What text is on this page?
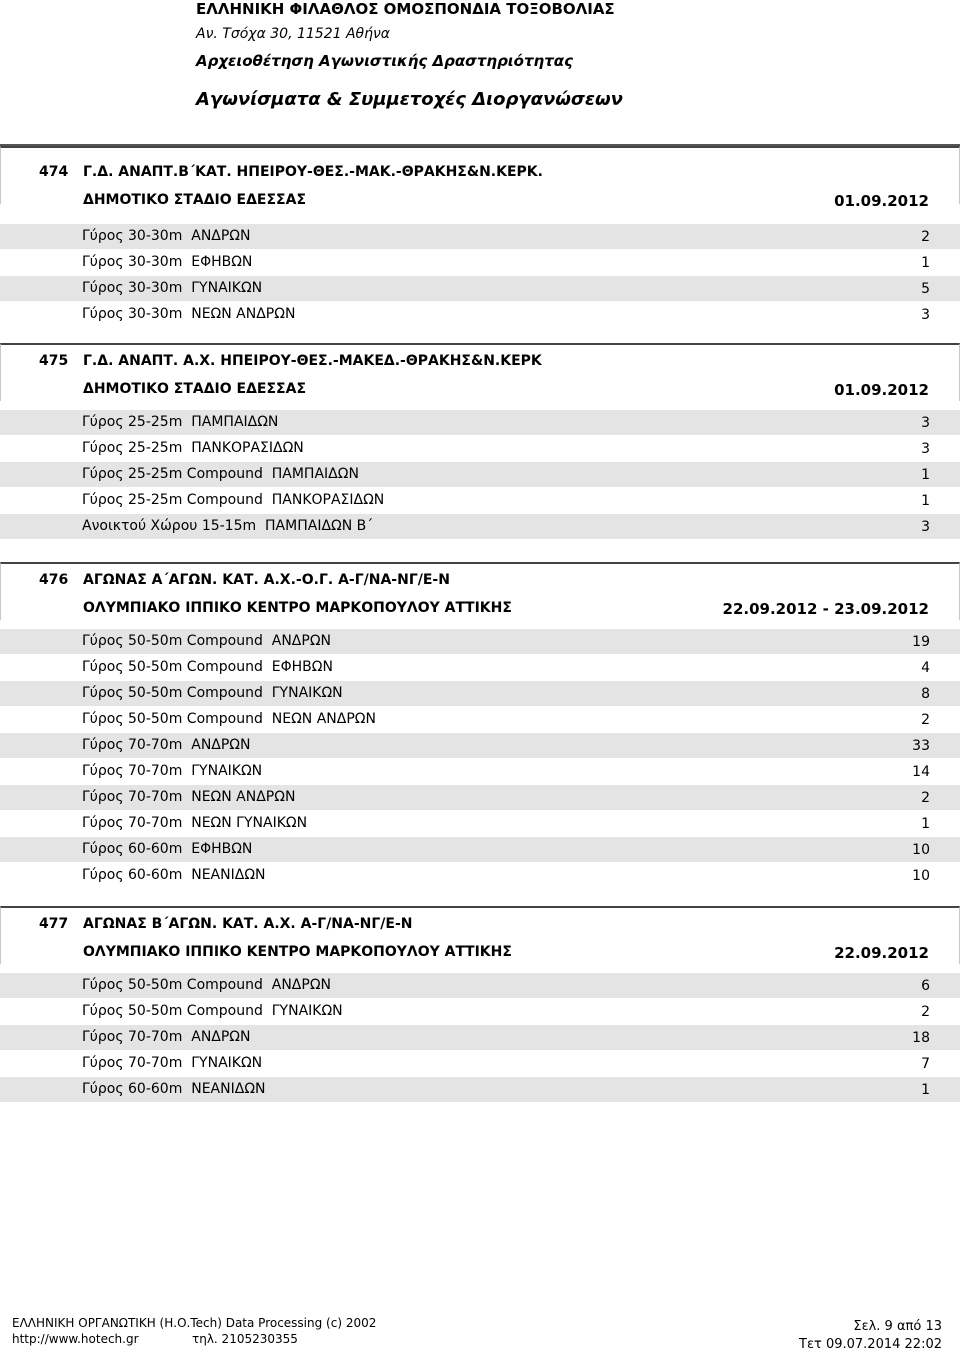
ΕΛΛΗΝΙΚΗ ΦΙΛΑΘΛΟΣ ΟΜΟΣΠΟΝΔΙΑ ΤΟΞΟΒΟΛΙΑΣ
Αν. Τσόχα 30, 11521 Αθήνα
Αρχειοθέτηση Αγωνιστικής Δραστηριότητας
Αγωνίσματα & Συμμετοχές Διοργανώσεων
474 Γ.Δ. ΑΝΑΠΤ.Β΄ΚΑΤ. ΗΠΕΙΡΟΥ-ΘΕΣ.-ΜΑΚ.-ΘΡΑΚΗΣ&Ν.ΚΕΡΚ.
ΔΗΜΟΤΙΚΟ ΣΤΑΔΙΟ ΕΔΕΣΣΑΣ	01.09.2012
Γύρος 30-30m  ΑΝΔΡΩΝ	2
Γύρος 30-30m  ΕΦΗΒΩΝ	1
Γύρος 30-30m  ΓΥΝΑΙΚΩΝ	5
Γύρος 30-30m  ΝΕΩΝ ΑΝΔΡΩΝ	3
475 Γ.Δ. ΑΝΑΠΤ. Α.Χ. ΗΠΕΙΡΟΥ-ΘΕΣ.-ΜΑΚΕΔ.-ΘΡΑΚΗΣ&Ν.ΚΕΡΚ
ΔΗΜΟΤΙΚΟ ΣΤΑΔΙΟ ΕΔΕΣΣΑΣ	01.09.2012
Γύρος 25-25m  ΠΑΜΠΑΙΔΩΝ	3
Γύρος 25-25m  ΠΑΝΚΟΡΑΣΙΔΩΝ	3
Γύρος 25-25m Compound  ΠΑΜΠΑΙΔΩΝ	1
Γύρος 25-25m Compound  ΠΑΝΚΟΡΑΣΙΔΩΝ	1
Ανοικτού Χώρου 15-15m  ΠΑΜΠΑΙΔΩΝ Β΄	3
476 ΑΓΩΝΑΣ Α΄ΑΓΩΝ. ΚΑΤ. Α.Χ.-Ο.Γ. Α-Γ/ΝΑ-ΝΓ/Ε-Ν
ΟΛΥΜΠΙΑΚΟ ΙΠΠΙΚΟ ΚΕΝΤΡΟ ΜΑΡΚΟΠΟΥΛΟΥ ΑΤΤΙΚΗΣ	22.09.2012 - 23.09.2012
Γύρος 50-50m Compound  ΑΝΔΡΩΝ	19
Γύρος 50-50m Compound  ΕΦΗΒΩΝ	4
Γύρος 50-50m Compound  ΓΥΝΑΙΚΩΝ	8
Γύρος 50-50m Compound  ΝΕΩΝ ΑΝΔΡΩΝ	2
Γύρος 70-70m  ΑΝΔΡΩΝ	33
Γύρος 70-70m  ΓΥΝΑΙΚΩΝ	14
Γύρος 70-70m  ΝΕΩΝ ΑΝΔΡΩΝ	2
Γύρος 70-70m  ΝΕΩΝ ΓΥΝΑΙΚΩΝ	1
Γύρος 60-60m  ΕΦΗΒΩΝ	10
Γύρος 60-60m  ΝΕΑΝΙΔΩΝ	10
477 ΑΓΩΝΑΣ Β΄ΑΓΩΝ. ΚΑΤ. Α.Χ. Α-Γ/ΝΑ-ΝΓ/Ε-Ν
ΟΛΥΜΠΙΑΚΟ ΙΠΠΙΚΟ ΚΕΝΤΡΟ ΜΑΡΚΟΠΟΥΛΟΥ ΑΤΤΙΚΗΣ	22.09.2012
Γύρος 50-50m Compound  ΑΝΔΡΩΝ	6
Γύρος 50-50m Compound  ΓΥΝΑΙΚΩΝ	2
Γύρος 70-70m  ΑΝΔΡΩΝ	18
Γύρος 70-70m  ΓΥΝΑΙΚΩΝ	7
Γύρος 60-60m  ΝΕΑΝΙΔΩΝ	1
ΕΛΛΗΝΙΚΗ ΟΡΓΑΝΩΤΙΚΗ (Η.Ο.Tech) Data Processing (c) 2002
http://www.hotech.gr	τηλ. 2105230355
Σελ. 9 από 13
Τετ 09.07.2014 22:02
